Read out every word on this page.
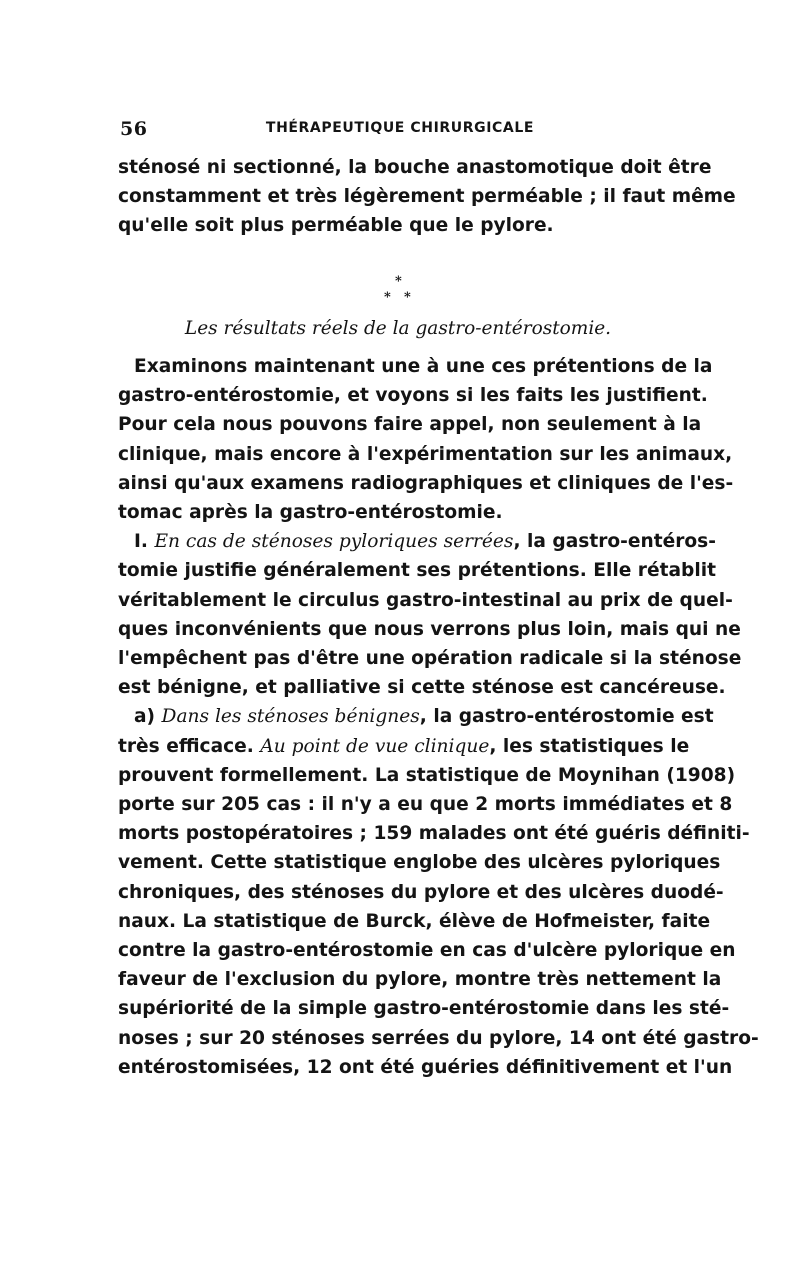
56	THÉRAPEUTIQUE CHIRURGICALE
sténosé ni sectionné, la bouche anastomotique doit être
constamment et très légèrement perméable ; il faut même
qu'elle soit plus perméable que le pylore.
*
* *
Les résultats réels de la gastro-entérostomie.
Examinons maintenant une à une ces prétentions de la
gastro-entérostomie, et voyons si les faits les justifient.
Pour cela nous pouvons faire appel, non seulement à la
clinique, mais encore à l'expérimentation sur les animaux,
ainsi qu'aux examens radiographiques et cliniques de l'es-
tomac après la gastro-entérostomie.
I. En cas de sténoses pyloriques serrées, la gastro-entéros-
tomie justifie généralement ses prétentions. Elle rétablit
véritablement le circulus gastro-intestinal au prix de quel-
ques inconvénients que nous verrons plus loin, mais qui ne
l'empêchent pas d'être une opération radicale si la sténose
est bénigne, et palliative si cette sténose est cancéreuse.
a) Dans les sténoses bénignes, la gastro-entérostomie est
très efficace. Au point de vue clinique, les statistiques le
prouvent formellement. La statistique de Moynihan (1908)
porte sur 205 cas : il n'y a eu que 2 morts immédiates et 8
morts postopératoires ; 159 malades ont été guéris définiti-
vement. Cette statistique englobe des ulcères pyloriques
chroniques, des sténoses du pylore et des ulcères duodé-
naux. La statistique de Burck, élève de Hofmeister, faite
contre la gastro-entérostomie en cas d'ulcère pylorique en
faveur de l'exclusion du pylore, montre très nettement la
supériorité de la simple gastro-entérostomie dans les sté-
noses ; sur 20 sténoses serrées du pylore, 14 ont été gastro-
entérostomisées, 12 ont été guéries définitivement et l'un
